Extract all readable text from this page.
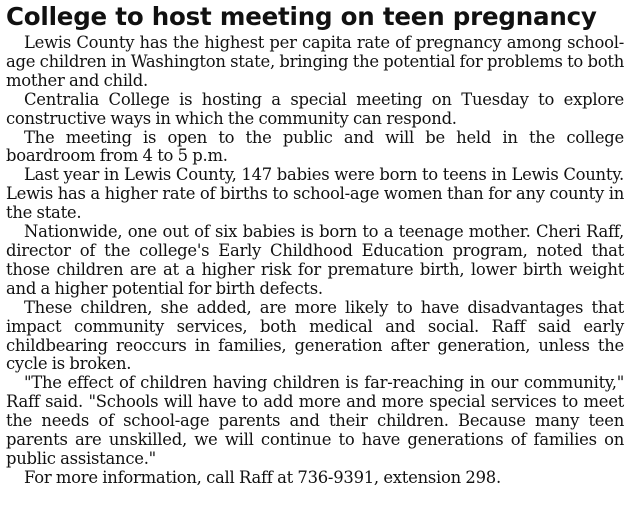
College to host meeting on teen pregnancy

Lewis County has the highest per capita rate of pregnancy among school-age children in Washington state, bringing the potential for problems to both mother and child.

Centralia College is hosting a special meeting on Tuesday to explore constructive ways in which the community can respond.

The meeting is open to the public and will be held in the college boardroom from 4 to 5 p.m.

Last year in Lewis County, 147 babies were born to teens in Lewis County. Lewis has a higher rate of births to school-age women than for any county in the state.

Nationwide, one out of six babies is born to a teenage mother. Cheri Raff, director of the college's Early Childhood Education program, noted that those children are at a higher risk for premature birth, lower birth weight and a higher potential for birth defects.

These children, she added, are more likely to have disadvantages that impact community services, both medical and social. Raff said early childbearing reoccurs in families, generation after generation, unless the cycle is broken.

"The effect of children having children is far-reaching in our community," Raff said. "Schools will have to add more and more special services to meet the needs of school-age parents and their children. Because many teen parents are unskilled, we will continue to have generations of families on public assistance."

For more information, call Raff at 736-9391, extension 298.
